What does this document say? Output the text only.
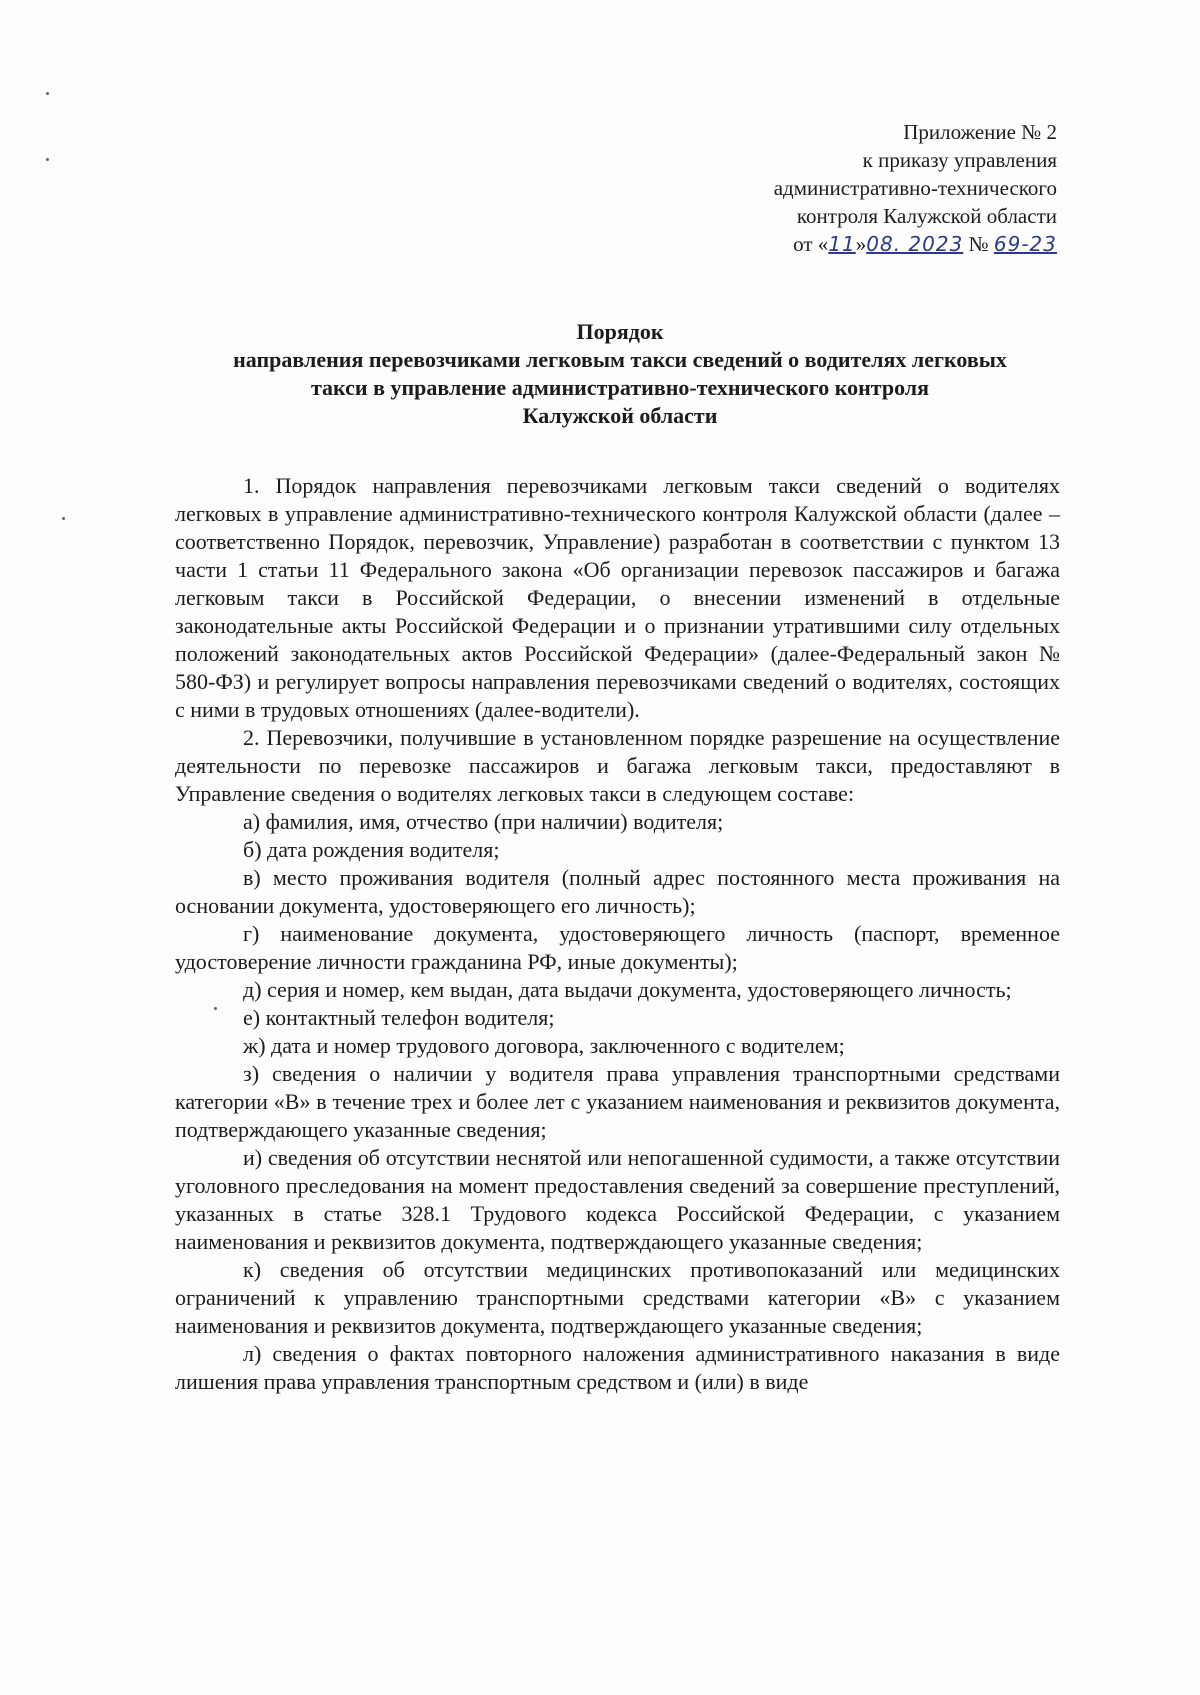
Приложение № 2
к приказу управления
административно-технического
контроля Калужской области
от «11»08. 2023 № 69-23
Порядок
направления перевозчиками легковым такси сведений о водителях легковых
такси в управление административно-технического контроля
Калужской области

1. Порядок направления перевозчиками легковым такси сведений о водителях легковых в управление административно-технического контроля Калужской области (далее – соответственно Порядок, перевозчик, Управление) разработан в соответствии с пунктом 13 части 1 статьи 11 Федерального закона «Об организации перевозок пассажиров и багажа легковым такси в Российской Федерации, о внесении изменений в отдельные законодательные акты Российской Федерации и о признании утратившими силу отдельных положений законодательных актов Российской Федерации» (далее-Федеральный закон № 580-ФЗ) и регулирует вопросы направления перевозчиками сведений о водителях, состоящих с ними в трудовых отношениях (далее-водители).

2. Перевозчики, получившие в установленном порядке разрешение на осуществление деятельности по перевозке пассажиров и багажа легковым такси, предоставляют в Управление сведения о водителях легковых такси в следующем составе:

а) фамилия, имя, отчество (при наличии) водителя;

б) дата рождения водителя;

в) место проживания водителя (полный адрес постоянного места проживания на основании документа, удостоверяющего его личность);

г) наименование документа, удостоверяющего личность (паспорт, временное удостоверение личности гражданина РФ, иные документы);

д) серия и номер, кем выдан, дата выдачи документа, удостоверяющего личность;

е) контактный телефон водителя;

ж) дата и номер трудового договора, заключенного с водителем;

з) сведения о наличии у водителя права управления транспортными средствами категории «В» в течение трех и более лет с указанием наименования и реквизитов документа, подтверждающего указанные сведения;

и) сведения об отсутствии неснятой или непогашенной судимости, а также отсутствии уголовного преследования на момент предоставления сведений за совершение преступлений, указанных в статье 328.1 Трудового кодекса Российской Федерации, с указанием наименования и реквизитов документа, подтверждающего указанные сведения;

к) сведения об отсутствии медицинских противопоказаний или медицинских ограничений к управлению транспортными средствами категории «В» с указанием наименования и реквизитов документа, подтверждающего указанные сведения;

л) сведения о фактах повторного наложения административного наказания в виде лишения права управления транспортным средством и (или) в виде
